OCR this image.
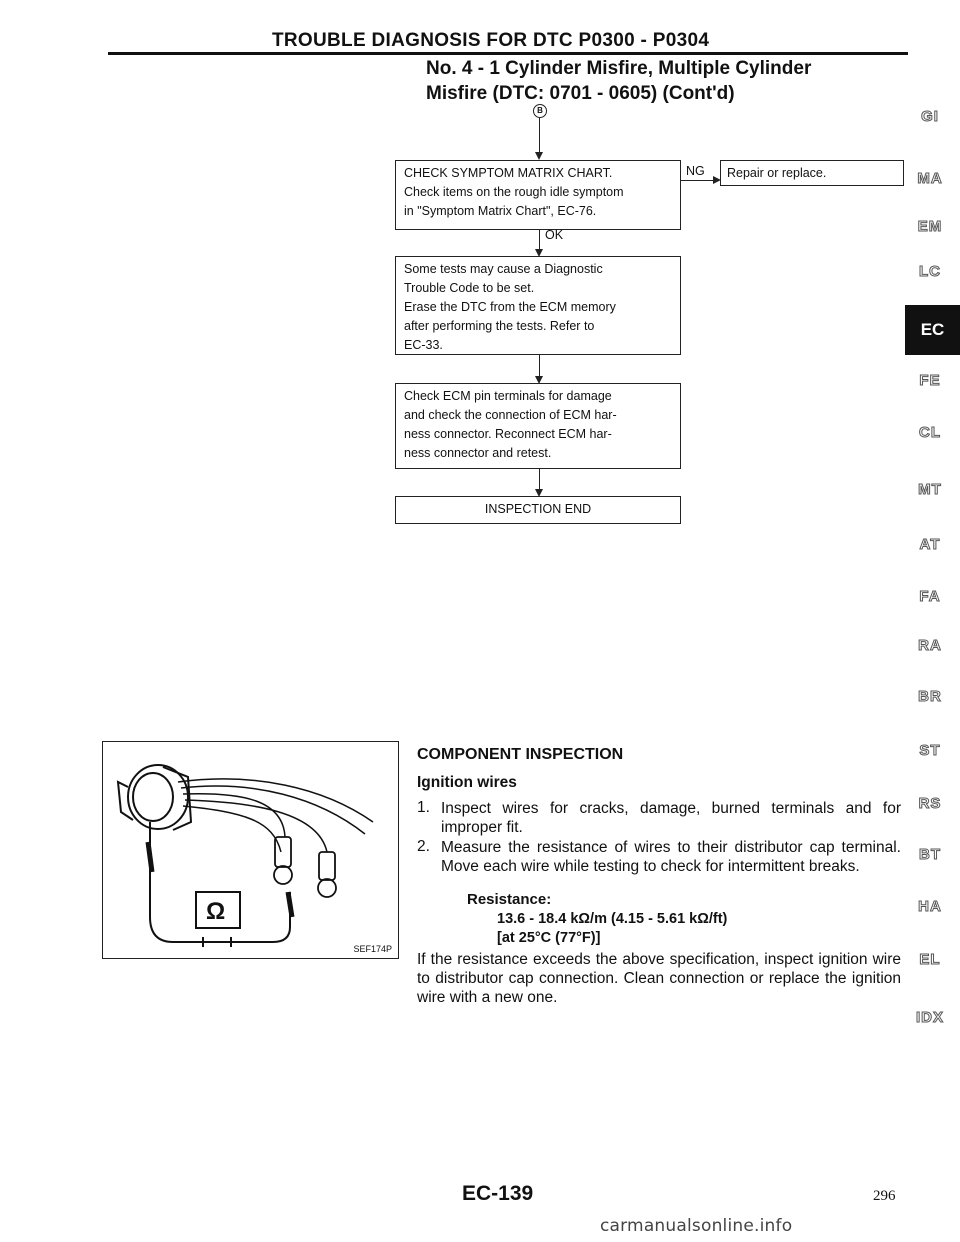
TROUBLE DIAGNOSIS FOR DTC P0300 - P0304
No. 4 - 1 Cylinder Misfire, Multiple Cylinder
Misfire (DTC: 0701 - 0605) (Cont'd)
B
CHECK SYMPTOM MATRIX CHART.
Check items on the rough idle symptom
in "Symptom Matrix Chart", EC-76.
NG Repair or replace.
OK
Some tests may cause a Diagnostic
Trouble Code to be set.
Erase the DTC from the ECM memory
after performing the tests. Refer to
EC-33.
Check ECM pin terminals for damage
and check the connection of ECM har-
ness connector. Reconnect ECM har-
ness connector and retest.
INSPECTION END
GI
MA
EM
LC
EC
FE
CL
MT
AT
FA
RA
BR
ST
RS
BT
HA
EL
IDX
Ω
SEF174P
COMPONENT INSPECTION
Ignition wires
1. Inspect wires for cracks, damage, burned terminals and for improper fit.
2. Measure the resistance of wires to their distributor cap terminal. Move each wire while testing to check for intermittent breaks.
Resistance:
13.6 - 18.4 kΩ/m (4.15 - 5.61 kΩ/ft)
[at 25°C (77°F)]
If the resistance exceeds the above specification, inspect ignition wire to distributor cap connection. Clean connection or replace the ignition wire with a new one.
EC-139	296
carmanualsonline.info
